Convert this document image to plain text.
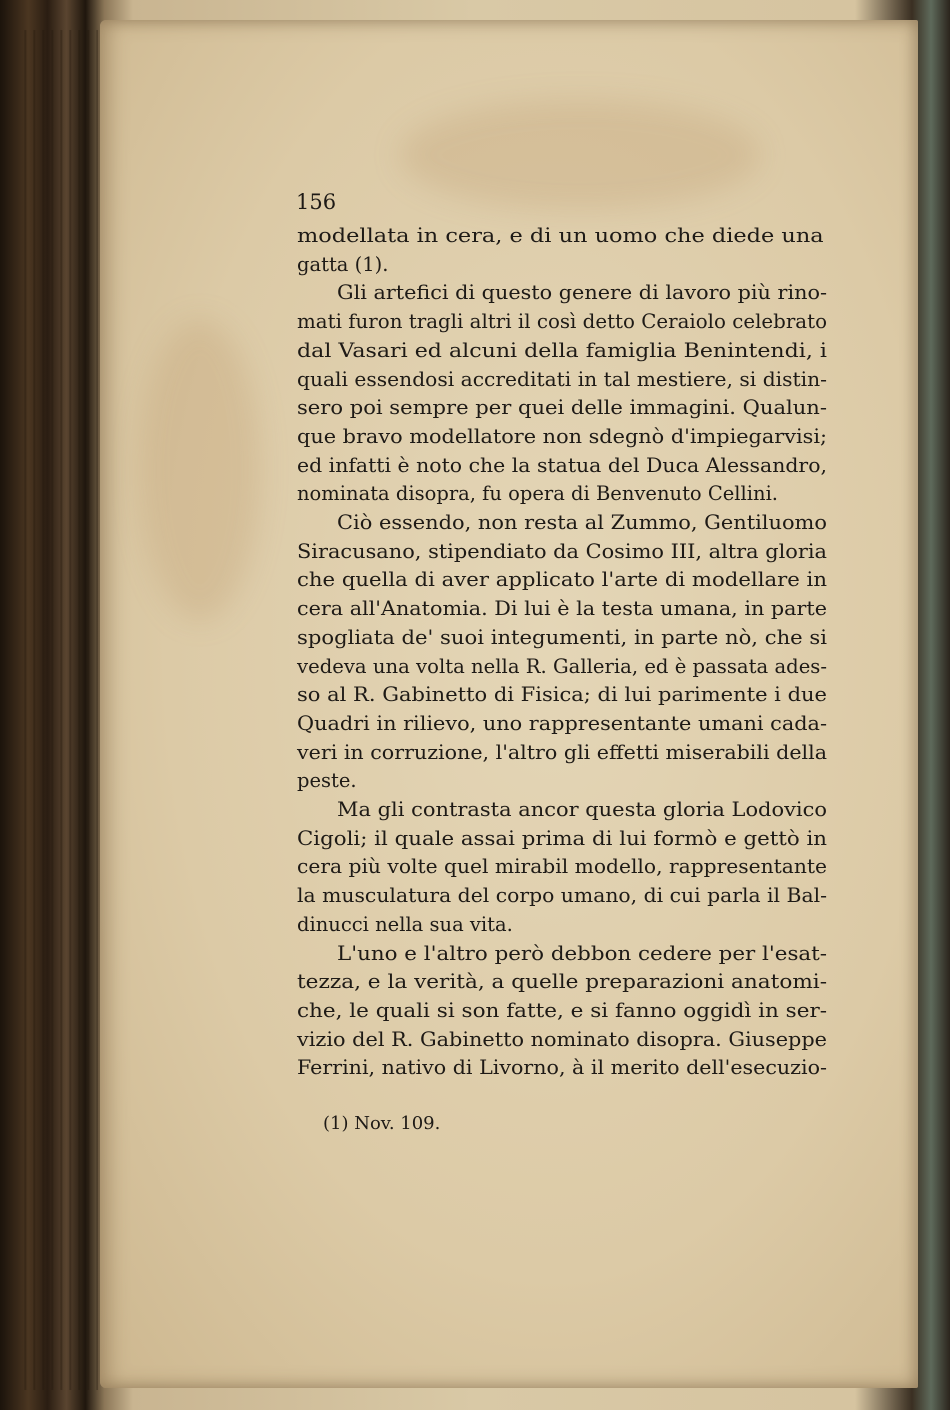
156
modellata in cera, e di un uomo che diede una
gatta (1).
Gli artefici di questo genere di lavoro più rino-
mati furon tragli altri il così detto Ceraiolo celebrato
dal Vasari ed alcuni della famiglia Benintendi, i
quali essendosi accreditati in tal mestiere, si distin-
sero poi sempre per quei delle immagini. Qualun-
que bravo modellatore non sdegnò d'impiegarvisi;
ed infatti è noto che la statua del Duca Alessandro,
nominata disopra, fu opera di Benvenuto Cellini.
Ciò essendo, non resta al Zummo, Gentiluomo
Siracusano, stipendiato da Cosimo III, altra gloria
che quella di aver applicato l'arte di modellare in
cera all'Anatomia. Di lui è la testa umana, in parte
spogliata de' suoi integumenti, in parte nò, che si
vedeva una volta nella R. Galleria, ed è passata ades-
so al R. Gabinetto di Fisica; di lui parimente i due
Quadri in rilievo, uno rappresentante umani cada-
veri in corruzione, l'altro gli effetti miserabili della
peste.
Ma gli contrasta ancor questa gloria Lodovico
Cigoli; il quale assai prima di lui formò e gettò in
cera più volte quel mirabil modello, rappresentante
la musculatura del corpo umano, di cui parla il Bal-
dinucci nella sua vita.
L'uno e l'altro però debbon cedere per l'esat-
tezza, e la verità, a quelle preparazioni anatomi-
che, le quali si son fatte, e si fanno oggidì in ser-
vizio del R. Gabinetto nominato disopra. Giuseppe
Ferrini, nativo di Livorno, à il merito dell'esecuzio-
(1) Nov. 109.
